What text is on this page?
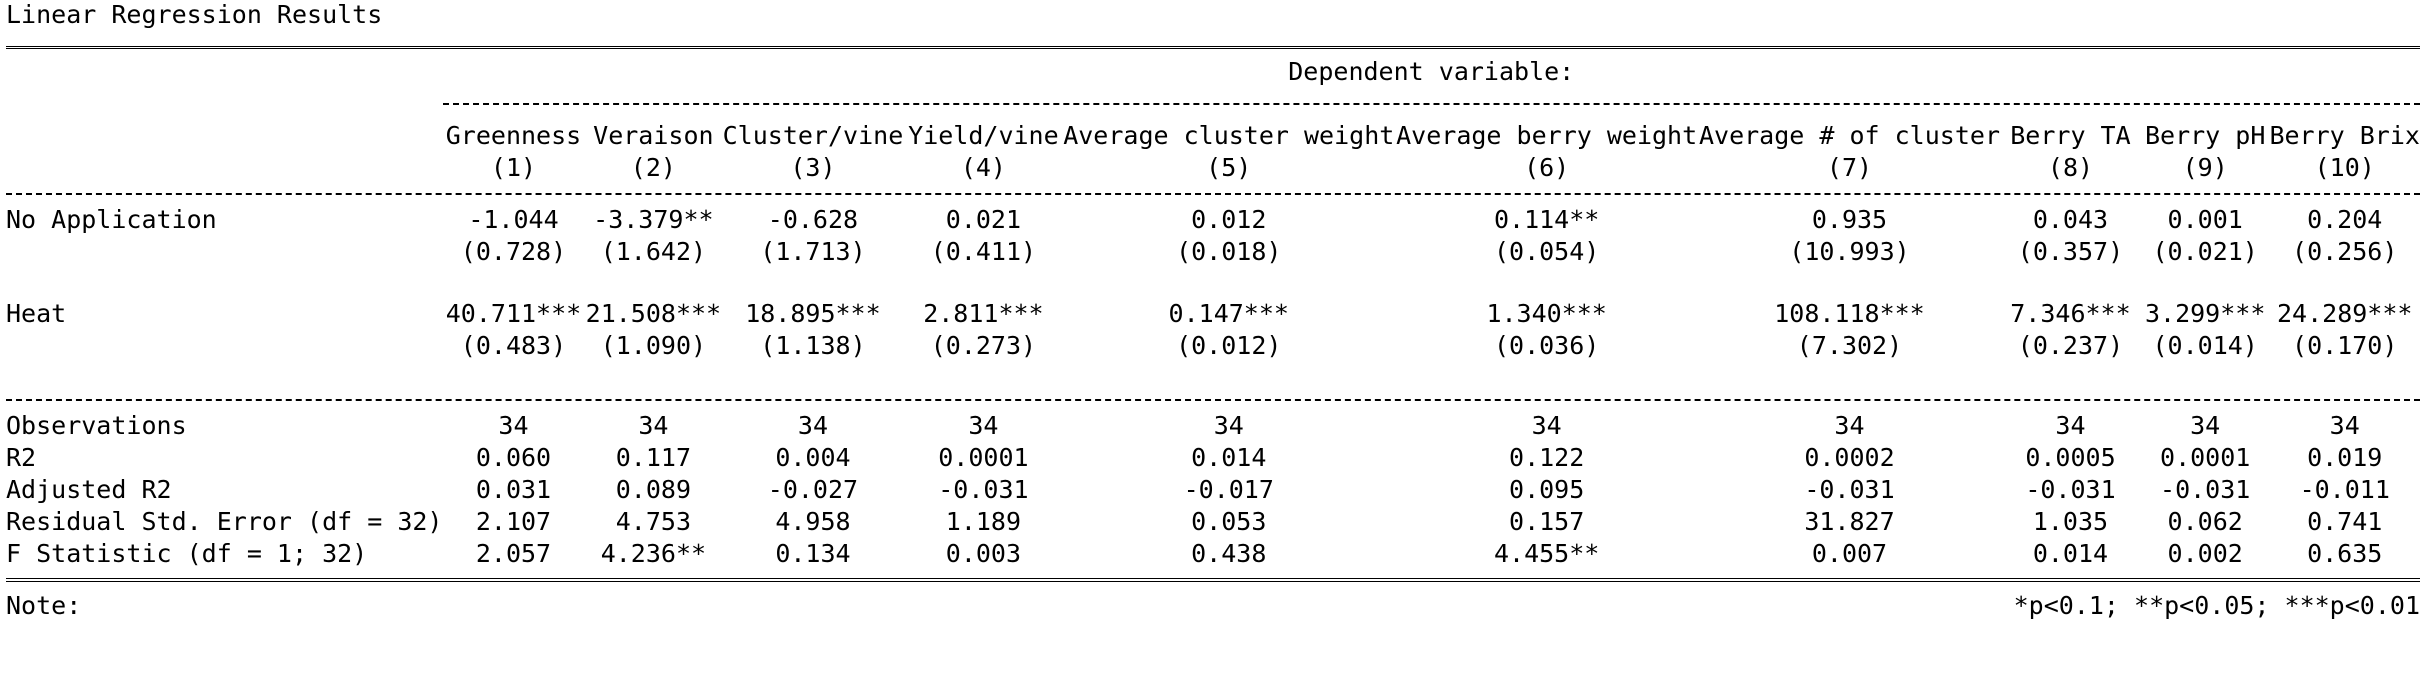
Linear Regression Results
	Dependent variable:									

	Greenness	Veraison	Cluster/vine	Yield/vine	Average cluster weight	Average berry weight	Average # of cluster	Berry TA	Berry pH	Berry Brix
	(1)	(2)	(3)	(4)	(5)	(6)	(7)	(8)	(9)	(10)

No Application	-1.044	-3.379**	-0.628	0.021	0.012	0.114**	0.935	0.043	0.001	0.204
	(0.728)	(1.642)	(1.713)	(0.411)	(0.018)	(0.054)	(10.993)	(0.357)	(0.021)	(0.256)

Heat	40.711***	21.508***	18.895***	2.811***	0.147***	1.340***	108.118***	7.346***	3.299***	24.289***
	(0.483)	(1.090)	(1.138)	(0.273)	(0.012)	(0.036)	(7.302)	(0.237)	(0.014)	(0.170)

Observations	34	34	34	34	34	34	34	34	34	34
R2	0.060	0.117	0.004	0.0001	0.014	0.122	0.0002	0.0005	0.0001	0.019
Adjusted R2	0.031	0.089	-0.027	-0.031	-0.017	0.095	-0.031	-0.031	-0.031	-0.011
Residual Std. Error (df = 32)	2.107	4.753	4.958	1.189	0.053	0.157	31.827	1.035	0.062	0.741
F Statistic (df = 1; 32)	2.057	4.236**	0.134	0.003	0.438	4.455**	0.007	0.014	0.002	0.635

Note:	*p<0.1; **p<0.05; ***p<0.01									
